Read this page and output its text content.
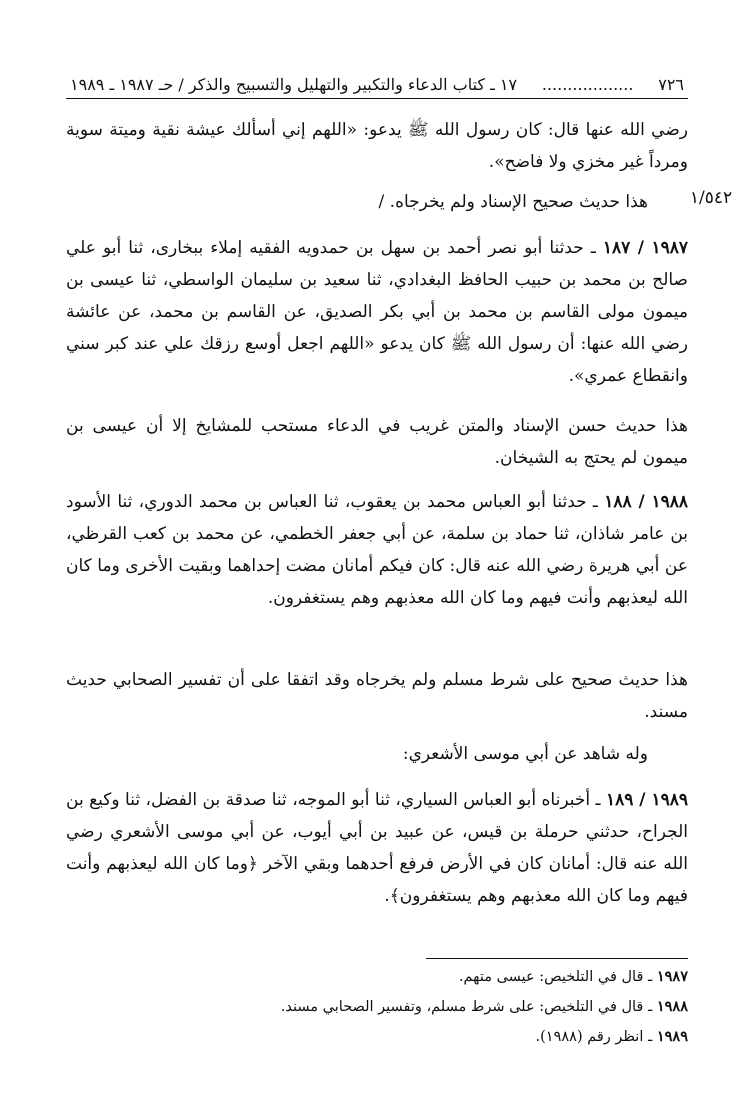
٧٢٦
..................
١٧ ـ كتاب الدعاء والتكبير والتهليل والتسبيح والذكر / حـ ١٩٨٧ ـ ١٩٨٩
١/٥٤٢

رضي الله عنها قال: كان رسول الله ﷺ يدعو: «اللهم إني أسألك عيشة نقية وميتة سوية ومرداً غير مخزي ولا فاضح».

هذا حديث صحيح الإسناد ولم يخرجاه. /

١٩٨٧ / ١٨٧ ـ حدثنا أبو نصر أحمد بن سهل بن حمدويه الفقيه إملاء ببخارى، ثنا أبو علي صالح بن محمد بن حبيب الحافظ البغدادي، ثنا سعيد بن سليمان الواسطي، ثنا عيسى بن ميمون مولى القاسم بن محمد بن أبي بكر الصديق، عن القاسم بن محمد، عن عائشة رضي الله عنها: أن رسول الله ﷺ كان يدعو «اللهم اجعل أوسع رزقك علي عند كبر سني وانقطاع عمري».

هذا حديث حسن الإسناد والمتن غريب في الدعاء مستحب للمشايخ إلا أن عيسى بن ميمون لم يحتج به الشيخان.

١٩٨٨ / ١٨٨ ـ حدثنا أبو العباس محمد بن يعقوب، ثنا العباس بن محمد الدوري، ثنا الأسود بن عامر شاذان، ثنا حماد بن سلمة، عن أبي جعفر الخطمي، عن محمد بن كعب القرظي، عن أبي هريرة رضي الله عنه قال: كان فيكم أمانان مضت إحداهما وبقيت الأخرى وما كان الله ليعذبهم وأنت فيهم وما كان الله معذبهم وهم يستغفرون.

هذا حديث صحيح على شرط مسلم ولم يخرجاه وقد اتفقا على أن تفسير الصحابي حديث مسند.

وله شاهد عن أبي موسى الأشعري:

١٩٨٩ / ١٨٩ ـ أخبرناه أبو العباس السياري، ثنا أبو الموجه، ثنا صدقة بن الفضل، ثنا وكيع بن الجراح، حدثني حرملة بن قيس، عن عبيد بن أبي أيوب، عن أبي موسى الأشعري رضي الله عنه قال: أمانان كان في الأرض فرفع أحدهما وبقي الآخر ﴿وما كان الله ليعذبهم وأنت فيهم وما كان الله معذبهم وهم يستغفرون﴾.

١٩٨٧ ـ قال في التلخيص: عيسى متهم.

١٩٨٨ ـ قال في التلخيص: على شرط مسلم، وتفسير الصحابي مسند.

١٩٨٩ ـ انظر رقم (١٩٨٨).
